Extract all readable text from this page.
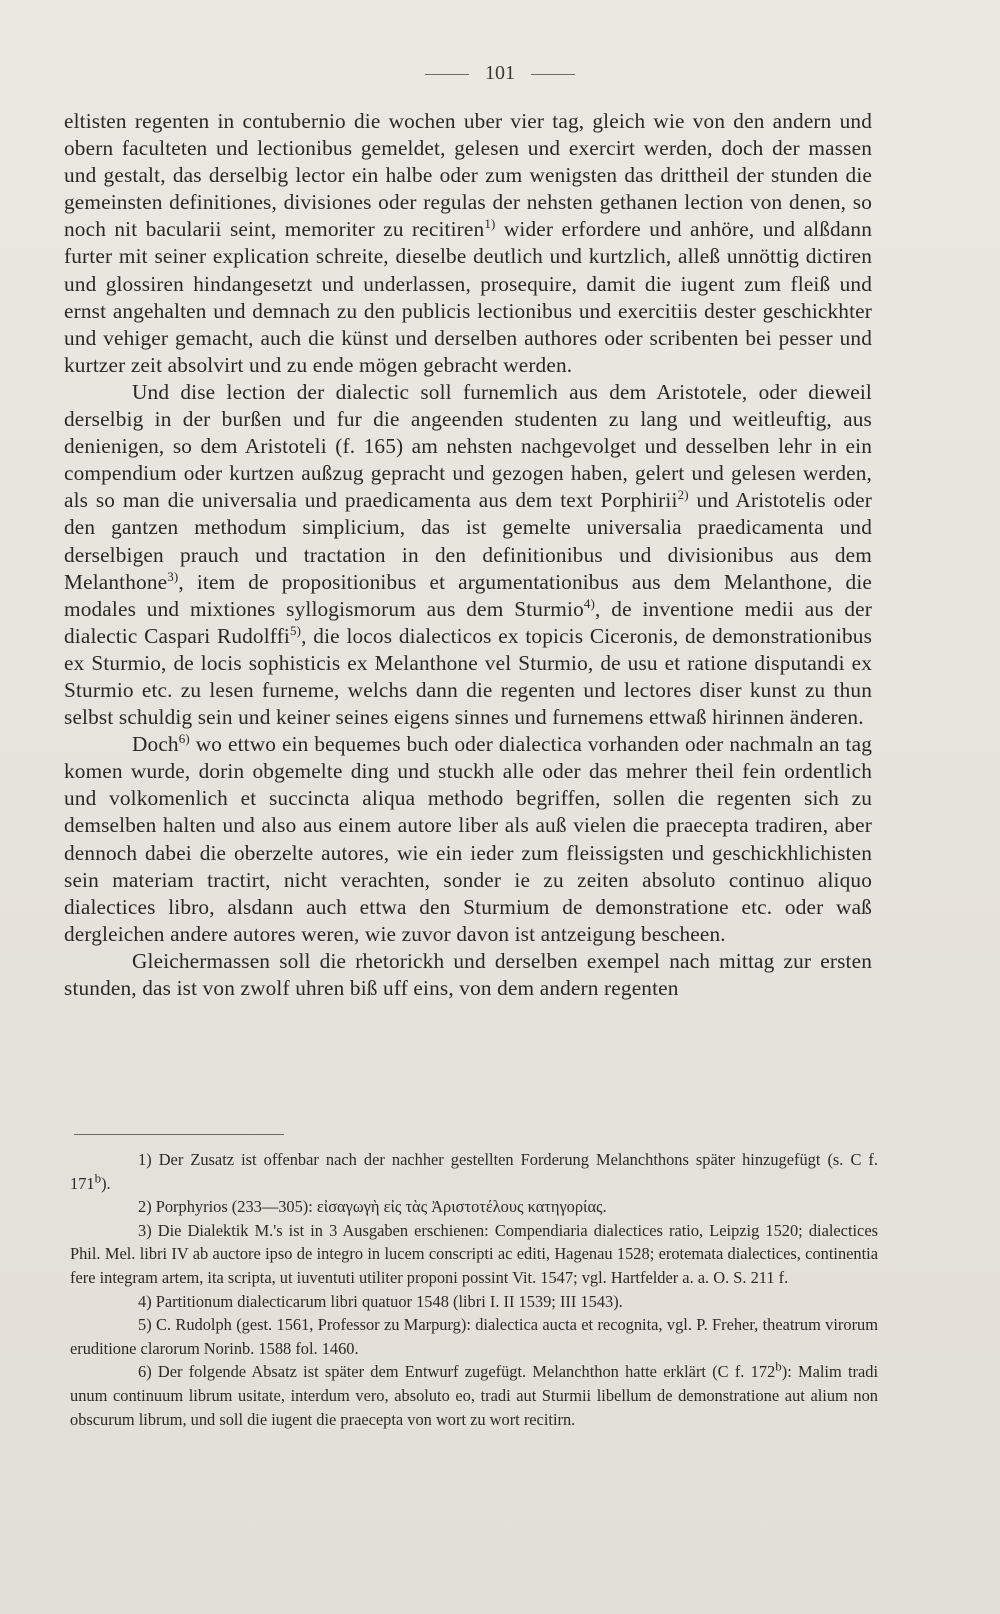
101

eltisten regenten in contubernio die wochen uber vier tag, gleich wie von den andern und obern faculteten und lectionibus gemeldet, gelesen und exercirt werden, doch der massen und gestalt, das derselbig lector ein halbe oder zum wenigsten das drittheil der stunden die gemeinsten definitiones, divisiones oder regulas der nehsten gethanen lection von denen, so noch nit bacularii seint, memoriter zu recitiren$^{1)}$ wider erfordere und anhöre, und alßdann furter mit seiner explication schreite, dieselbe deutlich und kurtzlich, alleß unnöttig dictiren und glossiren hindangesetzt und underlassen, prosequire, damit die iugent zum fleiß und ernst angehalten und demnach zu den publicis lectionibus und exercitiis dester geschickhter und vehiger gemacht, auch die künst und derselben authores oder scribenten bei pesser und kurtzer zeit absolvirt und zu ende mögen gebracht werden.

Und dise lection der dialectic soll furnemlich aus dem Aristotele, oder dieweil derselbig in der burßen und fur die angeenden studenten zu lang und weitleuftig, aus denienigen, so dem Aristoteli (f. 165) am nehsten nachgevolget und desselben lehr in ein compendium oder kurtzen außzug gepracht und gezogen haben, gelert und gelesen werden, als so man die universalia und praedicamenta aus dem text Porphirii$^{2)}$ und Aristotelis oder den gantzen methodum simplicium, das ist gemelte universalia praedicamenta und derselbigen prauch und tractation in den definitionibus und divisionibus aus dem Melanthone$^{3)}$, item de propositionibus et argumentationibus aus dem Melanthone, die modales und mixtiones syllogismorum aus dem Sturmio$^{4)}$, de inventione medii aus der dialectic Caspari Rudolffi$^{5)}$, die locos dialecticos ex topicis Ciceronis, de demonstrationibus ex Sturmio, de locis sophisticis ex Melanthone vel Sturmio, de usu et ratione disputandi ex Sturmio etc. zu lesen furneme, welchs dann die regenten und lectores diser kunst zu thun selbst schuldig sein und keiner seines eigens sinnes und furnemens ettwaß hirinnen änderen.

Doch$^{6)}$ wo ettwo ein bequemes buch oder dialectica vorhanden oder nachmaln an tag komen wurde, dorin obgemelte ding und stuckh alle oder das mehrer theil fein ordentlich und volkomenlich et succincta aliqua methodo begriffen, sollen die regenten sich zu demselben halten und also aus einem autore liber als auß vielen die praecepta tradiren, aber dennoch dabei die oberzelte autores, wie ein ieder zum fleissigsten und geschickhlichisten sein materiam tractirt, nicht verachten, sonder ie zu zeiten absoluto continuo aliquo dialectices libro, alsdann auch ettwa den Sturmium de demonstratione etc. oder waß dergleichen andere autores weren, wie zuvor davon ist antzeigung bescheen.

Gleichermassen soll die rhetorickh und derselben exempel nach mittag zur ersten stunden, das ist von zwolf uhren biß uff eins, von dem andern regenten

1) Der Zusatz ist offenbar nach der nachher gestellten Forderung Melanchthons später hinzugefügt (s. C f. 171$^b$).

2) Porphyrios (233—305): εἰσαγωγὴ εἰς τὰς Ἀριστοτέλους κατηγορίας.

3) Die Dialektik M.'s ist in 3 Ausgaben erschienen: Compendiaria dialectices ratio, Leipzig 1520; dialectices Phil. Mel. libri IV ab auctore ipso de integro in lucem conscripti ac editi, Hagenau 1528; erotemata dialectices, continentia fere integram artem, ita scripta, ut iuventuti utiliter proponi possint Vit. 1547; vgl. Hartfelder a. a. O. S. 211 f.

4) Partitionum dialecticarum libri quatuor 1548 (libri I. II 1539; III 1543).

5) C. Rudolph (gest. 1561, Professor zu Marpurg): dialectica aucta et recognita, vgl. P. Freher, theatrum virorum eruditione clarorum Norinb. 1588 fol. 1460.

6) Der folgende Absatz ist später dem Entwurf zugefügt. Melanchthon hatte erklärt (C f. 172$^b$): Malim tradi unum continuum librum usitate, interdum vero, absoluto eo, tradi aut Sturmii libellum de demonstratione aut alium non obscurum librum, und soll die iugent die praecepta von wort zu wort recitirn.
